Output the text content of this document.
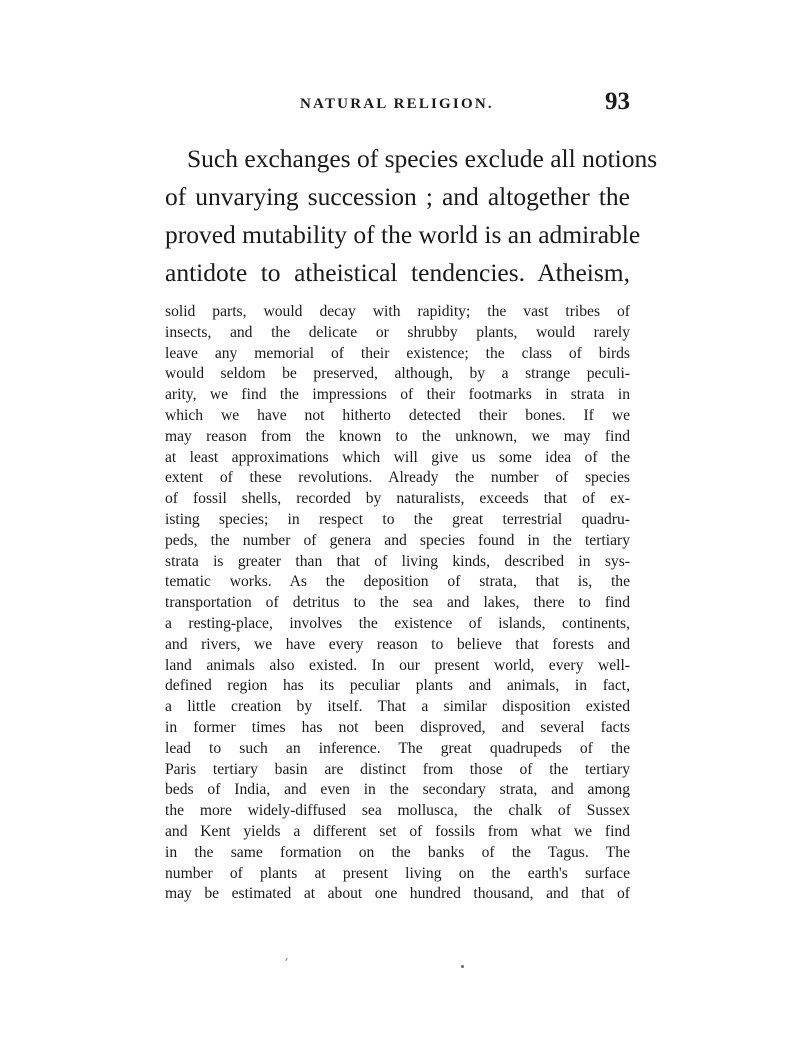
NATURAL RELIGION.	93
Such exchanges of species exclude all notions
of unvarying succession ; and altogether the
proved mutability of the world is an admirable
antidote to atheistical tendencies. Atheism,
solid parts, would decay with rapidity; the vast tribes of
insects, and the delicate or shrubby plants, would rarely
leave any memorial of their existence; the class of birds
would seldom be preserved, although, by a strange peculi-
arity, we find the impressions of their footmarks in strata in
which we have not hitherto detected their bones. If we
may reason from the known to the unknown, we may find
at least approximations which will give us some idea of the
extent of these revolutions. Already the number of species
of fossil shells, recorded by naturalists, exceeds that of ex-
isting species; in respect to the great terrestrial quadru-
peds, the number of genera and species found in the tertiary
strata is greater than that of living kinds, described in sys-
tematic works. As the deposition of strata, that is, the
transportation of detritus to the sea and lakes, there to find
a resting-place, involves the existence of islands, continents,
and rivers, we have every reason to believe that forests and
land animals also existed. In our present world, every well-
defined region has its peculiar plants and animals, in fact,
a little creation by itself. That a similar disposition existed
in former times has not been disproved, and several facts
lead to such an inference. The great quadrupeds of the
Paris tertiary basin are distinct from those of the tertiary
beds of India, and even in the secondary strata, and among
the more widely-diffused sea mollusca, the chalk of Sussex
and Kent yields a different set of fossils from what we find
in the same formation on the banks of the Tagus. The
number of plants at present living on the earth's surface
may be estimated at about one hundred thousand, and that of
